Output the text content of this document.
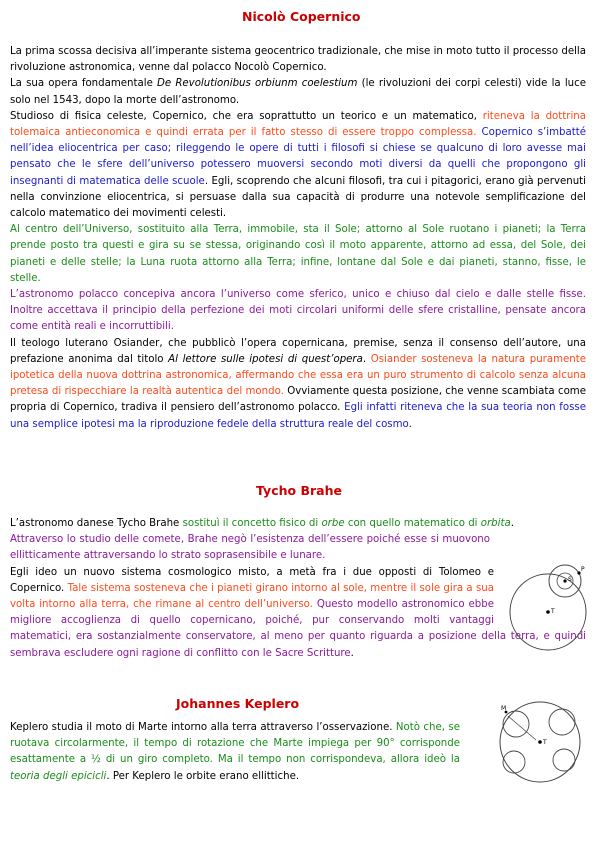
Nicolò Copernico
La prima scossa decisiva all’imperante sistema geocentrico tradizionale, che mise in moto tutto il processo della rivoluzione astronomica, venne dal polacco Nocolò Copernico.
La sua opera fondamentale De Revolutionibus orbiunm coelestium (le rivoluzioni dei corpi celesti) vide la luce solo nel 1543, dopo la morte dell’astronomo.
Studioso di fisica celeste, Copernico, che era soprattutto un teorico e un matematico, riteneva la dottrina tolemaica antieconomica e quindi errata per il fatto stesso di essere troppo complessa. Copernico s’imbatté nell’idea eliocentrica per caso; rileggendo le opere di tutti i filosofi si chiese se qualcuno di loro avesse mai pensato che le sfere dell’universo potessero muoversi secondo moti diversi da quelli che propongono gli insegnanti di matematica delle scuole. Egli, scoprendo che alcuni filosofi, tra cui i pitagorici, erano già pervenuti nella convinzione eliocentrica, si persuase dalla sua capacità di produrre una notevole semplificazione del calcolo matematico dei movimenti celesti.
Al centro dell’Universo, sostituito alla Terra, immobile, sta il Sole; attorno al Sole ruotano i pianeti; la Terra prende posto tra questi e gira su se stessa, originando così il moto apparente, attorno ad essa, del Sole, dei pianeti e delle stelle; la Luna ruota attorno alla Terra; infine, lontane dal Sole e dai pianeti, stanno, fisse, le stelle.
L’astronomo polacco concepiva ancora l’universo come sferico, unico e chiuso dal cielo e dalle stelle fisse. Inoltre accettava il principio della perfezione dei moti circolari uniformi delle sfere cristalline, pensate ancora come entità reali e incorruttibili.
Il teologo luterano Osiander, che pubblicò l’opera copernicana, premise, senza il consenso dell’autore, una prefazione anonima dal titolo Al lettore sulle ipotesi di quest’opera. Osiander sosteneva la natura puramente ipotetica della nuova dottrina astronomica, affermando che essa era un puro strumento di calcolo senza alcuna pretesa di rispecchiare la realtà autentica del mondo. Ovviamente questa posizione, che venne scambiata come propria di Copernico, tradiva il pensiero dell’astronomo polacco. Egli infatti riteneva che la sua teoria non fosse una semplice ipotesi ma la riproduzione fedele della struttura reale del cosmo.
Tycho Brahe
L’astronomo danese Tycho Brahe sostituì il concetto fisico di orbe con quello matematico di orbita.
Attraverso lo studio delle comete, Brahe negò l’esistenza dell’essere poiché esse si muovono ellitticamente attraversando lo strato soprasensibile e lunare.
Egli ideo un nuovo sistema cosmologico misto, a metà fra i due opposti di Tolomeo e Copernico. Tale sistema sosteneva che i pianeti girano intorno al sole, mentre il sole gira a sua volta intorno alla terra, che rimane al centro dell’universo. Questo modello astronomico ebbe migliore accoglienza di quello copernicano, poiché, pur conservando molti vantaggi matematici, era sostanzialmente conservatore, al meno per quanto riguarda a posizione della terra, e quindi sembrava escludere ogni ragione di conflitto con le Sacre Scritture.
S
P
T
Johannes Keplero
Keplero studia il moto di Marte intorno alla terra attraverso l’osservazione. Notò che, se ruotava circolarmente, il tempo di rotazione che Marte impiega per 90° corrisponde esattamente a ½ di un giro completo. Ma il tempo non corrispondeva, allora ideò la teoria degli epicicli. Per Keplero le orbite erano ellittiche.
M
T
